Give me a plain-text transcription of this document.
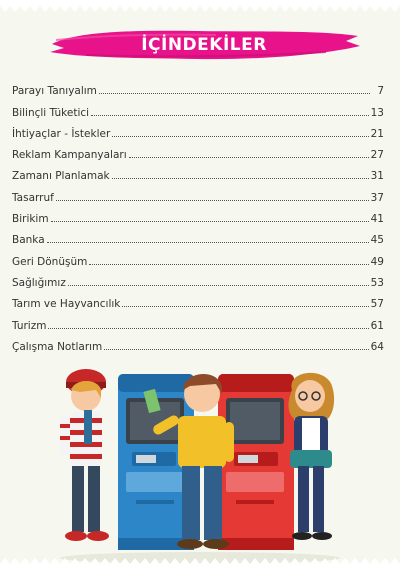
İÇİNDEKİLER
Parayı Tanıyalım	7
Bilinçli Tüketici	13
İhtiyaçlar - İstekler	21
Reklam Kampanyaları	27
Zamanı Planlamak	31
Tasarruf	37
Birikim	41
Banka	45
Geri Dönüşüm	49
Sağlığımız	53
Tarım ve Hayvancılık	57
Turizm	61
Çalışma Notlarım	64
